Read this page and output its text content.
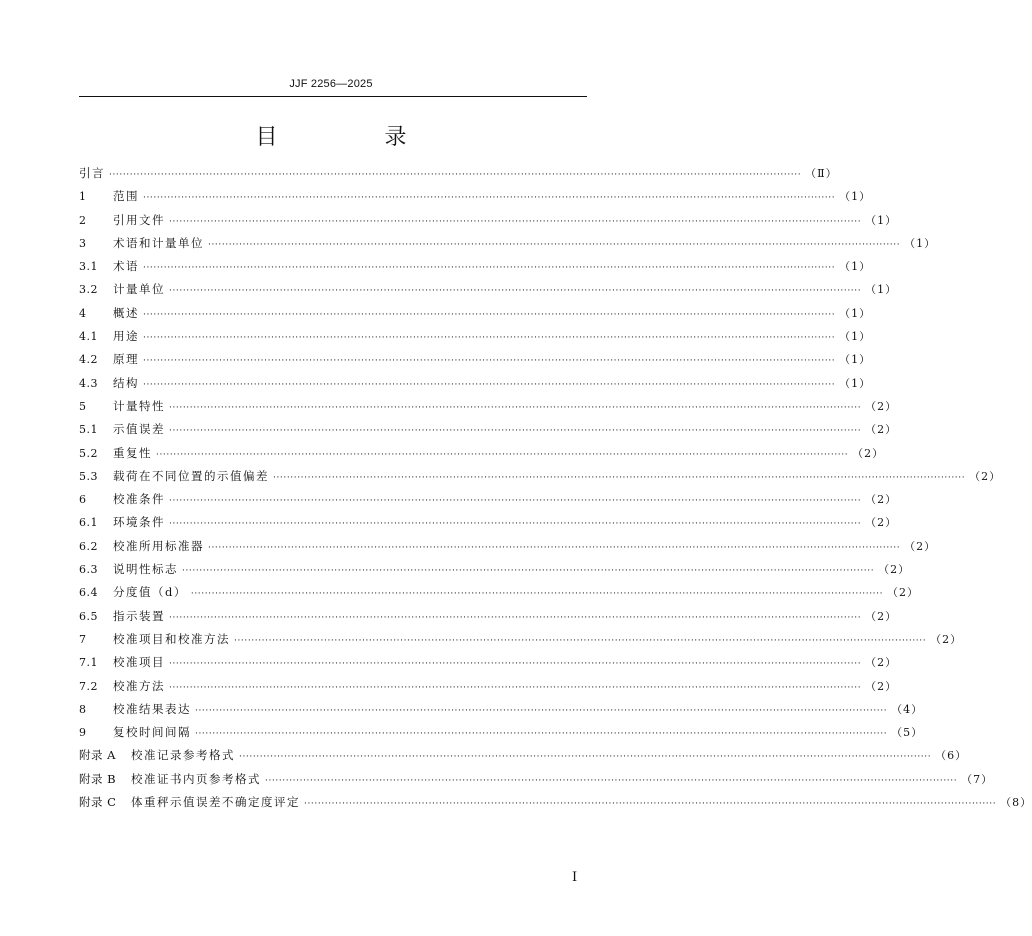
JJF 2256—2025
目 录
引言 ········································································································································································································ （Ⅱ）
1	范围 ········································································································································································································ （1）
2	引用文件 ········································································································································································································ （1）
3	术语和计量单位 ········································································································································································································ （1）
3.1	术语 ········································································································································································································ （1）
3.2	计量单位 ········································································································································································································ （1）
4	概述 ········································································································································································································ （1）
4.1	用途 ········································································································································································································ （1）
4.2	原理 ········································································································································································································ （1）
4.3	结构 ········································································································································································································ （1）
5	计量特性 ········································································································································································································ （2）
5.1	示值误差 ········································································································································································································ （2）
5.2	重复性 ········································································································································································································ （2）
5.3	载荷在不同位置的示值偏差 ········································································································································································································ （2）
6	校准条件 ········································································································································································································ （2）
6.1	环境条件 ········································································································································································································ （2）
6.2	校准所用标准器 ········································································································································································································ （2）
6.3	说明性标志 ········································································································································································································ （2）
6.4	分度值（d） ········································································································································································································ （2）
6.5	指示装置 ········································································································································································································ （2）
7	校准项目和校准方法 ········································································································································································································ （2）
7.1	校准项目 ········································································································································································································ （2）
7.2	校准方法 ········································································································································································································ （2）
8	校准结果表达 ········································································································································································································ （4）
9	复校时间间隔 ········································································································································································································ （5）
附录 A	校准记录参考格式 ········································································································································································································ （6）
附录 B	校准证书内页参考格式 ········································································································································································································ （7）
附录 C	体重秤示值误差不确定度评定 ········································································································································································································ （8）
I
